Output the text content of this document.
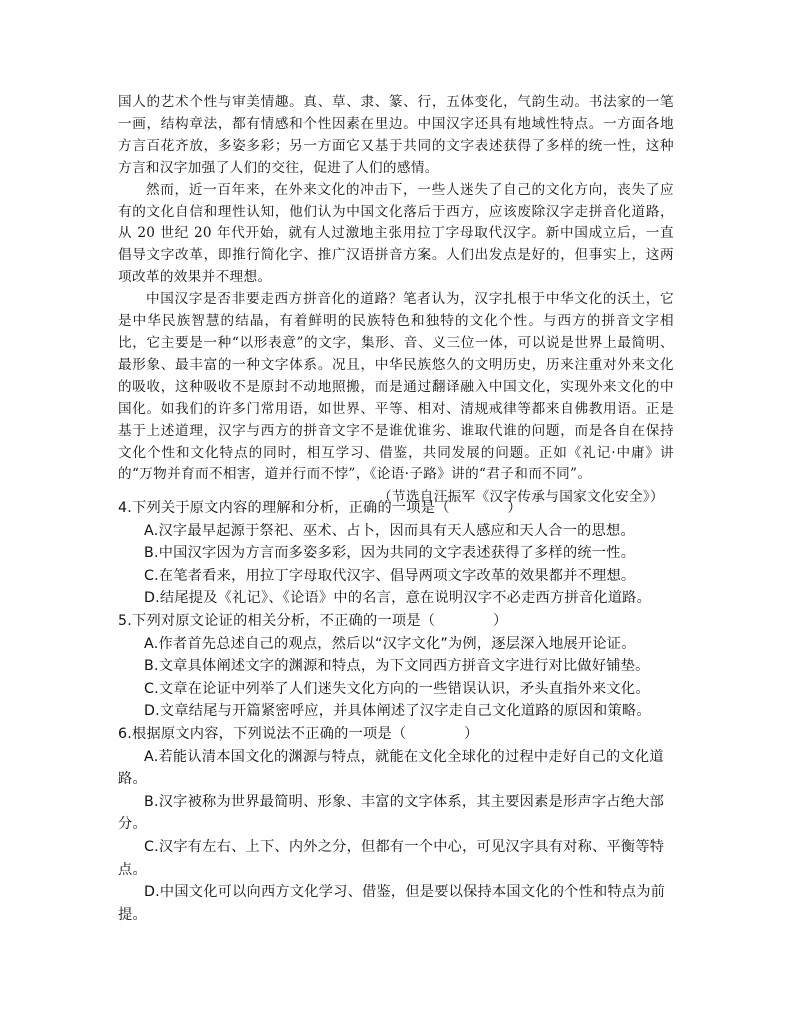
国人的艺术个性与审美情趣。真、草、隶、篆、行，五体变化，气韵生动。书法家的一笔一画，结构章法，都有情感和个性因素在里边。中国汉字还具有地域性特点。一方面各地方言百花齐放，多姿多彩；另一方面它又基于共同的文字表述获得了多样的统一性，这种方言和汉字加强了人们的交往，促进了人们的感情。

然而，近一百年来，在外来文化的冲击下，一些人迷失了自己的文化方向，丧失了应有的文化自信和理性认知，他们认为中国文化落后于西方，应该废除汉字走拼音化道路，从 20 世纪 20 年代开始，就有人过激地主张用拉丁字母取代汉字。新中国成立后，一直倡导文字改革，即推行简化字、推广汉语拼音方案。人们出发点是好的，但事实上，这两项改革的效果并不理想。

中国汉字是否非要走西方拼音化的道路？笔者认为，汉字扎根于中华文化的沃土，它是中华民族智慧的结晶，有着鲜明的民族特色和独特的文化个性。与西方的拼音文字相比，它主要是一种“以形表意”的文字，集形、音、义三位一体，可以说是世界上最简明、最形象、最丰富的一种文字体系。况且，中华民族悠久的文明历史，历来注重对外来文化的吸收，这种吸收不是原封不动地照搬，而是通过翻译融入中国文化，实现外来文化的中国化。如我们的许多门常用语，如世界、平等、相对、清规戒律等都来自佛教用语。正是基于上述道理，汉字与西方的拼音文字不是谁优谁劣、谁取代谁的问题，而是各自在保持文化个性和文化特点的同时，相互学习、借鉴，共同发展的问题。正如《礼记·中庸》讲的“万物并育而不相害，道并行而不悖”，《论语·子路》讲的“君子和而不同”。

（节选自汪振军《汉字传承与国家文化安全》）

4.下列关于原文内容的理解和分析，正确的一项是（　　　　）

A.汉字最早起源于祭祀、巫术、占卜，因而具有天人感应和天人合一的思想。

B.中国汉字因为方言而多姿多彩，因为共同的文字表述获得了多样的统一性。

C.在笔者看来，用拉丁字母取代汉字、倡导两项文字改革的效果都并不理想。

D.结尾提及《礼记》、《论语》中的名言，意在说明汉字不必走西方拼音化道路。

5.下列对原文论证的相关分析，不正确的一项是（　　　　）

A.作者首先总述自己的观点，然后以“汉字文化”为例，逐层深入地展开论证。

B.文章具体阐述文字的渊源和特点，为下文同西方拼音文字进行对比做好铺垫。

C.文章在论证中列举了人们迷失文化方向的一些错误认识，矛头直指外来文化。

D.文章结尾与开篇紧密呼应，并具体阐述了汉字走自己文化道路的原因和策略。

6.根据原文内容，下列说法不正确的一项是（　　　　）

A.若能认清本国文化的渊源与特点，就能在文化全球化的过程中走好自己的文化道路。

B.汉字被称为世界最简明、形象、丰富的文字体系，其主要因素是形声字占绝大部分。

C.汉字有左右、上下、内外之分，但都有一个中心，可见汉字具有对称、平衡等特点。

D.中国文化可以向西方文化学习、借鉴，但是要以保持本国文化的个性和特点为前提。
